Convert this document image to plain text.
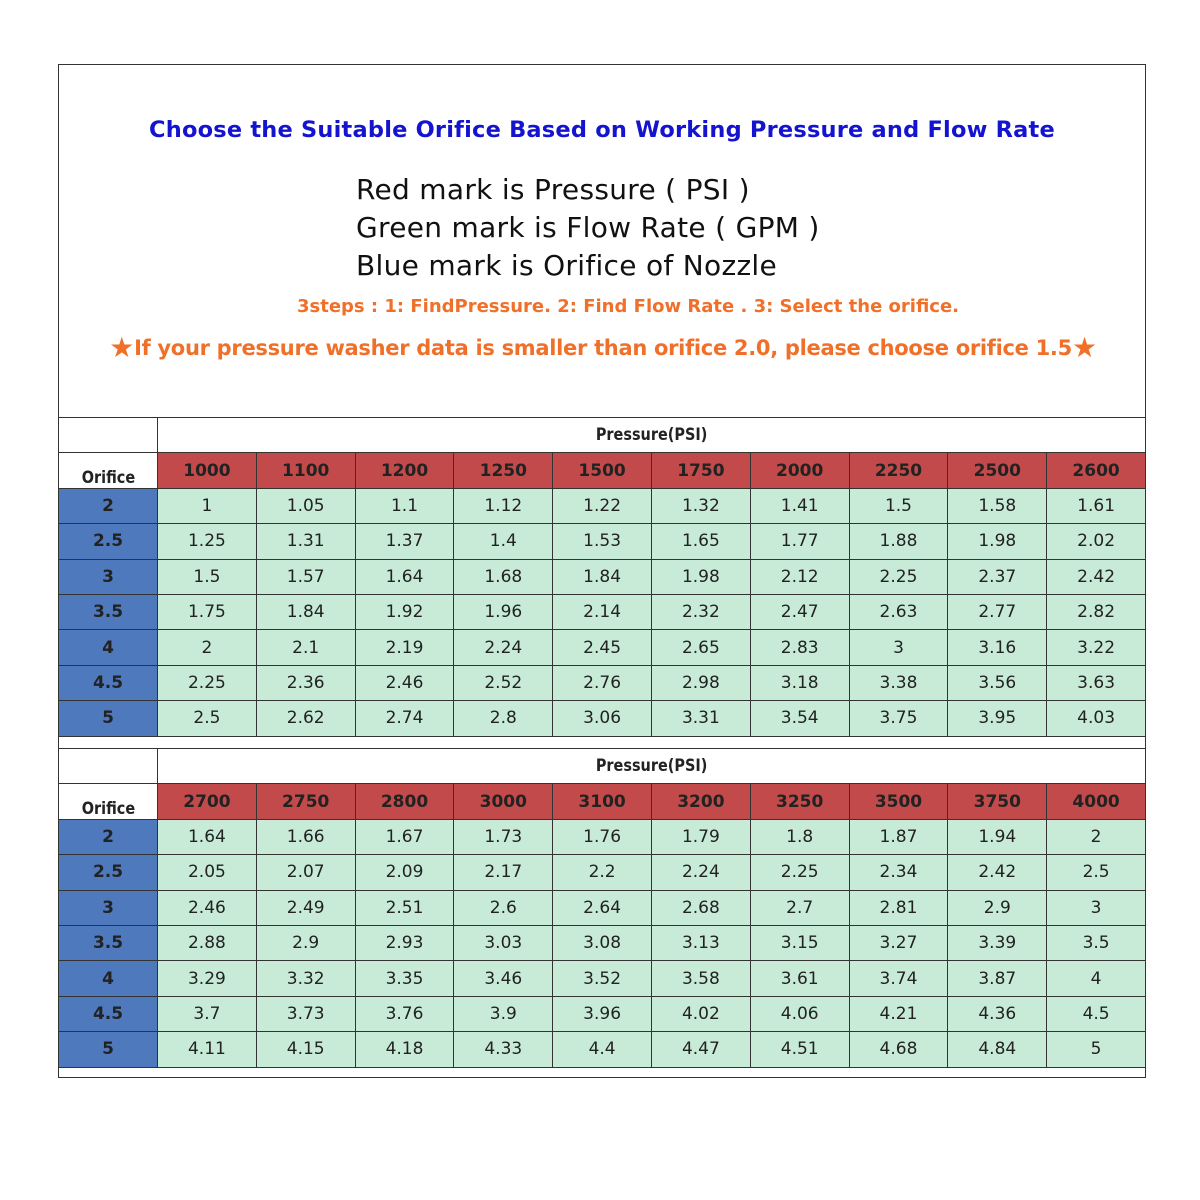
Choose the Suitable Orifice Based on Working Pressure and Flow Rate
Red mark is Pressure ( PSI )
Green mark is Flow Rate ( GPM )
Blue mark is Orifice of Nozzle
3steps : 1: FindPressure. 2: Find Flow Rate . 3: Select the orifice.
★If your pressure washer data is smaller than orifice 2.0, please choose orifice 1.5★
	Pressure(PSI)									
Orifice	1000	1100	1200	1250	1500	1750	2000	2250	2500	2600
2	1	1.05	1.1	1.12	1.22	1.32	1.41	1.5	1.58	1.61
2.5	1.25	1.31	1.37	1.4	1.53	1.65	1.77	1.88	1.98	2.02
3	1.5	1.57	1.64	1.68	1.84	1.98	2.12	2.25	2.37	2.42
3.5	1.75	1.84	1.92	1.96	2.14	2.32	2.47	2.63	2.77	2.82
4	2	2.1	2.19	2.24	2.45	2.65	2.83	3	3.16	3.22
4.5	2.25	2.36	2.46	2.52	2.76	2.98	3.18	3.38	3.56	3.63
5	2.5	2.62	2.74	2.8	3.06	3.31	3.54	3.75	3.95	4.03
	Pressure(PSI)									
Orifice	2700	2750	2800	3000	3100	3200	3250	3500	3750	4000
2	1.64	1.66	1.67	1.73	1.76	1.79	1.8	1.87	1.94	2
2.5	2.05	2.07	2.09	2.17	2.2	2.24	2.25	2.34	2.42	2.5
3	2.46	2.49	2.51	2.6	2.64	2.68	2.7	2.81	2.9	3
3.5	2.88	2.9	2.93	3.03	3.08	3.13	3.15	3.27	3.39	3.5
4	3.29	3.32	3.35	3.46	3.52	3.58	3.61	3.74	3.87	4
4.5	3.7	3.73	3.76	3.9	3.96	4.02	4.06	4.21	4.36	4.5
5	4.11	4.15	4.18	4.33	4.4	4.47	4.51	4.68	4.84	5
